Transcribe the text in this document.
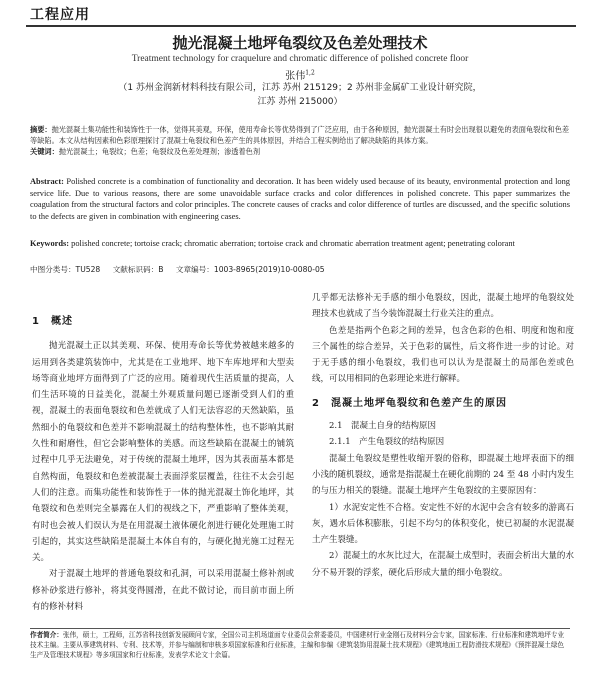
工程应用
抛光混凝土地坪龟裂纹及色差处理技术
Treatment technology for craquelure and chromatic difference of polished concrete floor
张伟$^{1,2}$
（1 苏州金润新材料科技有限公司，江苏 苏州 215129；2 苏州非金属矿工业设计研究院，
江苏 苏州 215000）
摘要：抛光混凝土集功能性和装饰性于一体，觉得其美观，环保，使用寿命长等优势得到了广泛应用，由于各种原因，抛光混凝土有时会出现很以避免的表面龟裂纹和色差等缺陷。本文从结构因素和色彩原理探讨了混凝土龟裂纹和色差产生的具体原因，并结合工程实例给出了解决缺陷的具体方案。
关键词：抛光混凝土；龟裂纹；色差；龟裂纹及色差处理剂；渗透着色剂
Abstract: Polished concrete is a combination of functionality and decoration. It has been widely used because of its beauty, environmental protection and long service life. Due to various reasons, there are some unavoidable surface cracks and color differences in polished concrete. This paper summarizes the coagulation from the structural factors and color principles. The concrete causes of cracks and color difference of turtles are discussed, and the specific solutions to the defects are given in combination with engineering cases.
Keywords: polished concrete; tortoise crack; chromatic aberration; tortoise crack and chromatic aberration treatment agent; penetrating colorant
中图分类号：TU528 文献标识码：B 文章编号：1003-8965(2019)10-0080-05
1　概述

抛光混凝土正以其美观、环保、使用寿命长等优势被越来越多的运用到各类建筑装饰中，尤其是在工业地坪、地下车库地坪和大型卖场等商业地坪方面得到了广泛的应用。随着现代生活质量的提高，人们生活环境的日益美化，混凝土外观质量问题已逐渐受到人们的重视，混凝土的表面龟裂纹和色差就成了人们无法容忍的天然缺陷，虽然细小的龟裂纹和色差并不影响混凝土的结构整体性，也不影响其耐久性和耐磨性，但它会影响整体的美感。而这些缺陷在混凝土的铺筑过程中几乎无法避免，对于传统的混凝土地坪，因为其表面基本都是自然构面，龟裂纹和色差被混凝土表面浮浆层覆盖，往往不太会引起人们的注意。而集功能性和装饰性于一体的抛光混凝土饰化地坪，其龟裂纹和色差则完全暴露在人们的视线之下，严重影响了整体美观，有时也会被人们误认为是在用混凝土液体硬化剂进行硬化处理施工时引起的，其实这些缺陷是混凝土本体自有的，与硬化抛光施工过程无关。

对于混凝土地坪的普通龟裂纹和孔洞，可以采用混凝土修补剂或修补砂浆进行修补，将其变得圆滑，在此不做讨论，而目前市面上所有的修补材料

几乎都无法修补无手感的细小龟裂纹，因此，混凝土地坪的龟裂纹处理技术也就成了当今装饰混凝土行业关注的重点。

色差是指两个色彩之间的差异，包含色彩的色相、明度和饱和度三个属性的综合差异，关于色彩的属性，后文将作进一步的讨论。对于无手感的细小龟裂纹，我们也可以认为是混凝土的局部色差或色线，可以用相同的色彩理论来进行解释。

2　混凝土地坪龟裂纹和色差产生的原因

2.1　混凝土自身的结构原因

2.1.1　产生龟裂纹的结构原因

混凝土龟裂纹是塑性收缩开裂的俗称，即混凝土地坪表面下的细小浅的随机裂纹，通常是指混凝土在硬化前期的 24 至 48 小时内发生的与压力相关的裂缝。混凝土地坪产生龟裂纹的主要原因有：

1）水泥安定性不合格。安定性不好的水泥中会含有较多的游离石灰，遇水后体积膨胀，引起不均匀的体积变化，使已初凝的水泥混凝土产生裂缝。

2）混凝土的水灰比过大，在混凝土成型时，表面会析出大量的水分不易开裂的浮浆，硬化后形成大量的细小龟裂纹。

作者简介：张伟，硕士，工程师，江苏省科技创新发展顾问专家，全国公司主机场道面专业委员会常委委员，中国建材行业金刚石及材料分会专家，国家标准、行业标准和建筑地坪专业技术主编。主要从事建筑材料、专利、技术等，并参与编制和审核多项国家标准和行业标准，主编和参编《建筑装饰用混凝土技术规程》《建筑地面工程防滑技术规程》《预拌混凝土绿色生产及管理技术规程》等多项国家和行业标准，发表学术论文十余篇。
